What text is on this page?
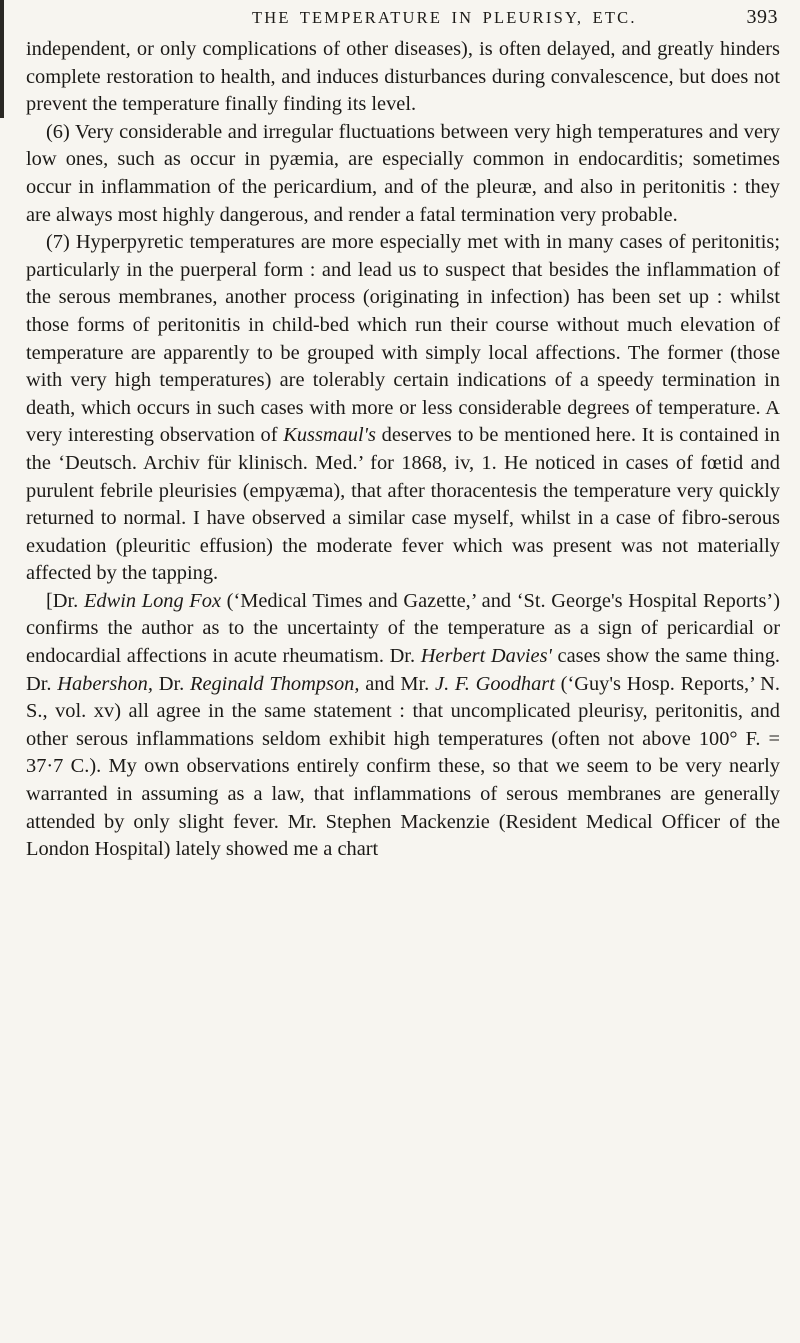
THE TEMPERATURE IN PLEURISY, ETC.	393

independent, or only complications of other diseases), is often delayed, and greatly hinders complete restoration to health, and induces disturbances during convalescence, but does not prevent the temperature finally finding its level.

(6) Very considerable and irregular fluctuations between very high temperatures and very low ones, such as occur in pyæmia, are especially common in endocarditis; sometimes occur in inflammation of the pericardium, and of the pleuræ, and also in peritonitis : they are always most highly dangerous, and render a fatal termination very probable.

(7) Hyperpyretic temperatures are more especially met with in many cases of peritonitis; particularly in the puerperal form : and lead us to suspect that besides the inflammation of the serous membranes, another process (originating in infection) has been set up : whilst those forms of peritonitis in child-bed which run their course without much elevation of temperature are apparently to be grouped with simply local affections. The former (those with very high temperatures) are tolerably certain indications of a speedy termination in death, which occurs in such cases with more or less considerable degrees of temperature. A very interesting observation of Kussmaul's deserves to be mentioned here. It is contained in the ‘Deutsch. Archiv für klinisch. Med.’ for 1868, iv, 1. He noticed in cases of fœtid and purulent febrile pleurisies (empyæma), that after thoracentesis the temperature very quickly returned to normal. I have observed a similar case myself, whilst in a case of fibro-serous exudation (pleuritic effusion) the moderate fever which was present was not materially affected by the tapping.

[Dr. Edwin Long Fox (‘Medical Times and Gazette,’ and ‘St. George's Hospital Reports’) confirms the author as to the uncertainty of the temperature as a sign of pericardial or endocardial affections in acute rheumatism. Dr. Herbert Davies' cases show the same thing. Dr. Habershon, Dr. Reginald Thompson, and Mr. J. F. Goodhart (‘Guy's Hosp. Reports,’ N. S., vol. xv) all agree in the same statement : that uncomplicated pleurisy, peritonitis, and other serous inflammations seldom exhibit high temperatures (often not above 100° F. = 37·7 C.). My own observations entirely confirm these, so that we seem to be very nearly warranted in assuming as a law, that inflammations of serous membranes are generally attended by only slight fever. Mr. Stephen Mackenzie (Resident Medical Officer of the London Hospital) lately showed me a chart
